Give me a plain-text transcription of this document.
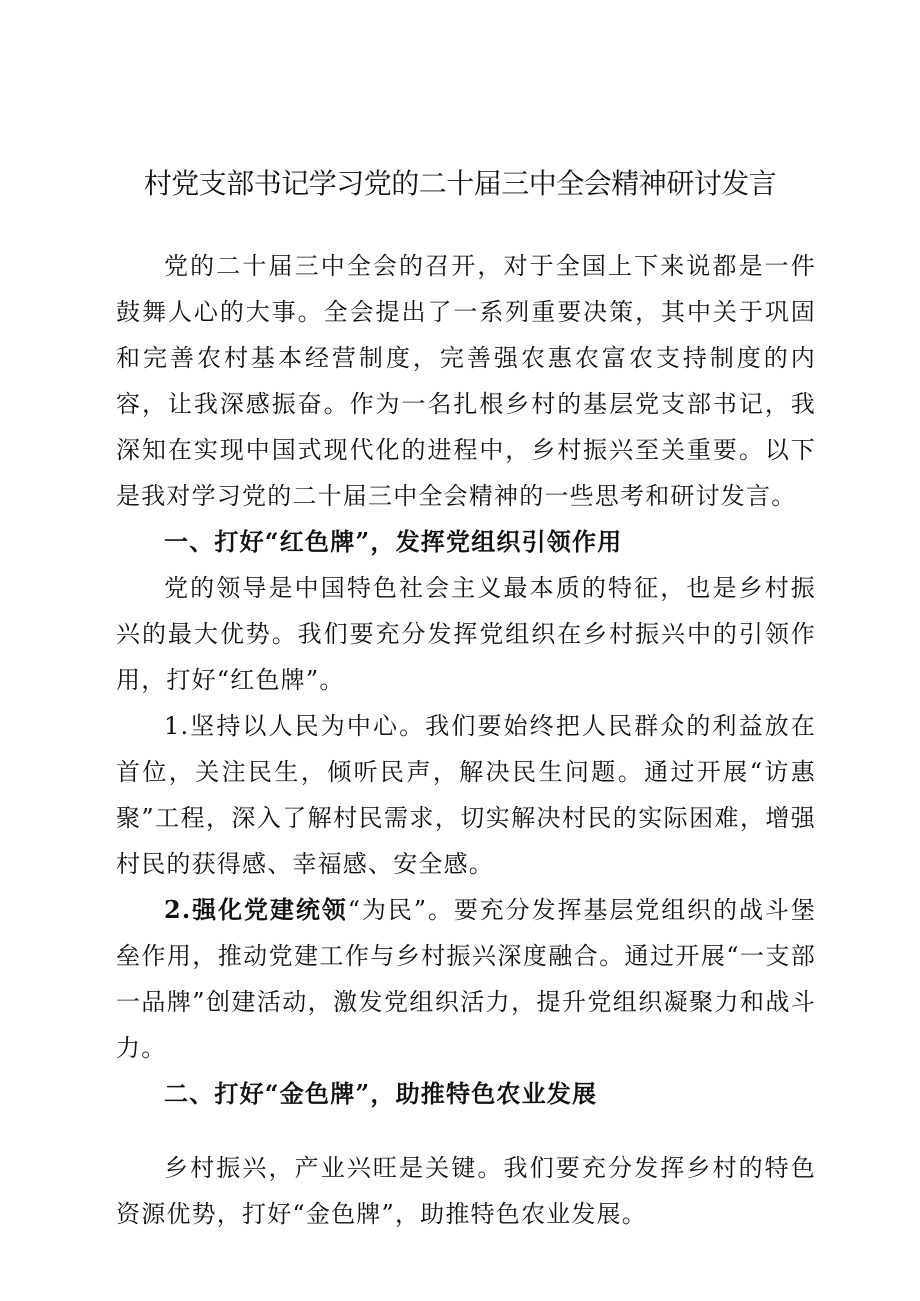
村党支部书记学习党的二十届三中全会精神研讨发言

党的二十届三中全会的召开，对于全国上下来说都是一件鼓舞人心的大事。全会提出了一系列重要决策，其中关于巩固和完善农村基本经营制度，完善强农惠农富农支持制度的内容，让我深感振奋。作为一名扎根乡村的基层党支部书记，我深知在实现中国式现代化的进程中，乡村振兴至关重要。以下是我对学习党的二十届三中全会精神的一些思考和研讨发言。

一、打好“红色牌”，发挥党组织引领作用

党的领导是中国特色社会主义最本质的特征，也是乡村振兴的最大优势。我们要充分发挥党组织在乡村振兴中的引领作用，打好“红色牌”。

1.坚持以人民为中心。我们要始终把人民群众的利益放在首位，关注民生，倾听民声，解决民生问题。通过开展“访惠聚”工程，深入了解村民需求，切实解决村民的实际困难，增强村民的获得感、幸福感、安全感。

2.强化党建统领“为民”。要充分发挥基层党组织的战斗堡垒作用，推动党建工作与乡村振兴深度融合。通过开展“一支部一品牌”创建活动，激发党组织活力，提升党组织凝聚力和战斗力。

二、打好“金色牌”，助推特色农业发展

乡村振兴，产业兴旺是关键。我们要充分发挥乡村的特色资源优势，打好“金色牌”，助推特色农业发展。
